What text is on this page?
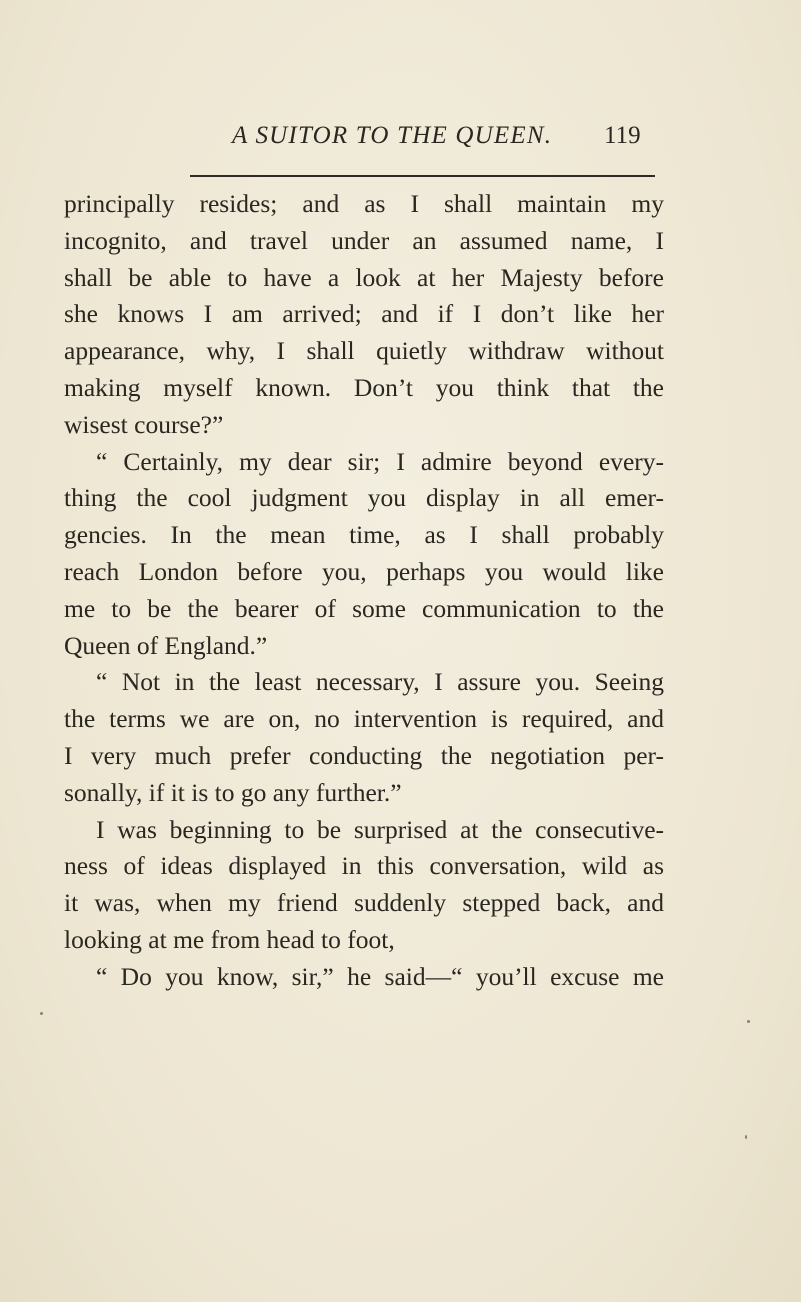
A SUITOR TO THE QUEEN. 119
principally resides; and as I shall maintain my
incognito, and travel under an assumed name, I
shall be able to have a look at her Majesty before
she knows I am arrived; and if I don’t like her
appearance, why, I shall quietly withdraw without
making myself known. Don’t you think that the
wisest course?”
“ Certainly, my dear sir; I admire beyond every-
thing the cool judgment you display in all emer-
gencies. In the mean time, as I shall probably
reach London before you, perhaps you would like
me to be the bearer of some communication to the
Queen of England.”
“ Not in the least necessary, I assure you. Seeing
the terms we are on, no intervention is required, and
I very much prefer conducting the negotiation per-
sonally, if it is to go any further.”
I was beginning to be surprised at the consecutive-
ness of ideas displayed in this conversation, wild as
it was, when my friend suddenly stepped back, and
looking at me from head to foot,
“ Do you know, sir,” he said—“ you’ll excuse me
